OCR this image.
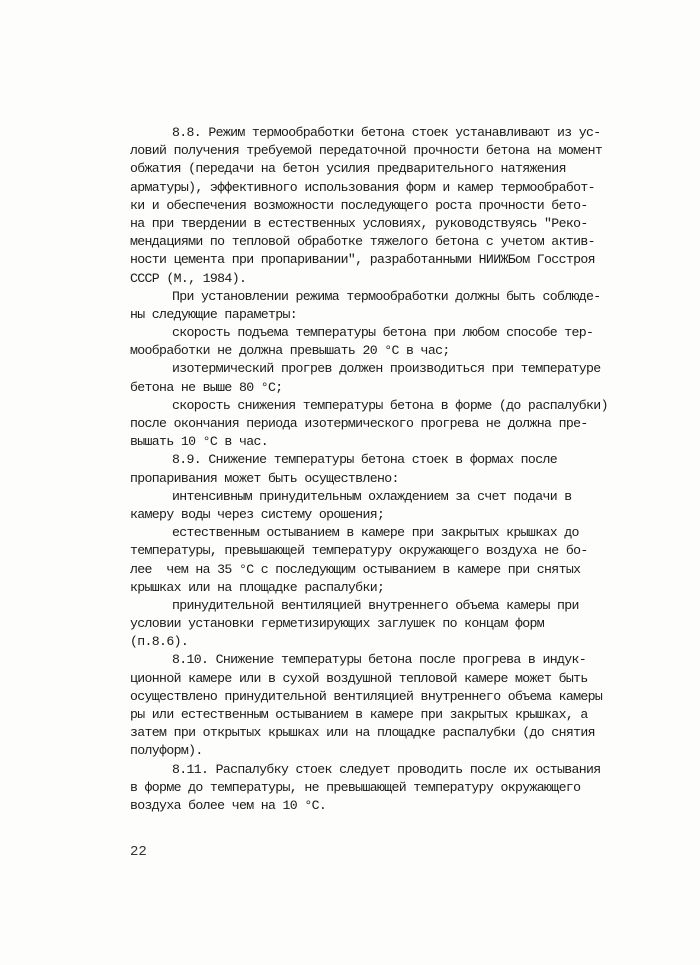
8.8. Режим термообработки бетона стоек устанавливают из ус-
ловий получения требуемой передаточной прочности бетона на момент
обжатия (передачи на бетон усилия предварительного натяжения
арматуры), эффективного использования форм и камер термообработ-
ки и обеспечения возможности последующего роста прочности бето-
на при твердении в естественных условиях, руководствуясь "Реко-
мендациями по тепловой обработке тяжелого бетона с учетом актив-
ности цемента при пропаривании", разработанными НИИЖБом Госстроя
СССР (М., 1984).
При установлении режима термообработки должны быть соблюде-
ны следующие параметры:
скорость подъема температуры бетона при любом способе тер-
мообработки не должна превышать 20 °С в час;
изотермический прогрев должен производиться при температуре
бетона не выше 80 °С;
скорость снижения температуры бетона в форме (до распалубки)
после окончания периода изотермического прогрева не должна пре-
вышать 10 °С в час.
8.9. Снижение температуры бетона стоек в формах после
пропаривания может быть осуществлено:
интенсивным принудительным охлаждением за счет подачи в
камеру воды через систему орошения;
естественным остыванием в камере при закрытых крышках до
температуры, превышающей температуру окружающего воздуха не бо-
лее  чем на 35 °С с последующим остыванием в камере при снятых
крышках или на площадке распалубки;
принудительной вентиляцией внутреннего объема камеры при
условии установки герметизирующих заглушек по концам форм
(п.8.6).
8.10. Снижение температуры бетона после прогрева в индук-
ционной камере или в сухой воздушной тепловой камере может быть
осуществлено принудительной вентиляцией внутреннего объема камеры
ры или естественным остыванием в камере при закрытых крышках, а
затем при открытых крышках или на площадке распалубки (до снятия
полуформ).
8.11. Распалубку стоек следует проводить после их остывания
в форме до температуры, не превышающей температуру окружающего
воздуха более чем на 10 °С.
22
